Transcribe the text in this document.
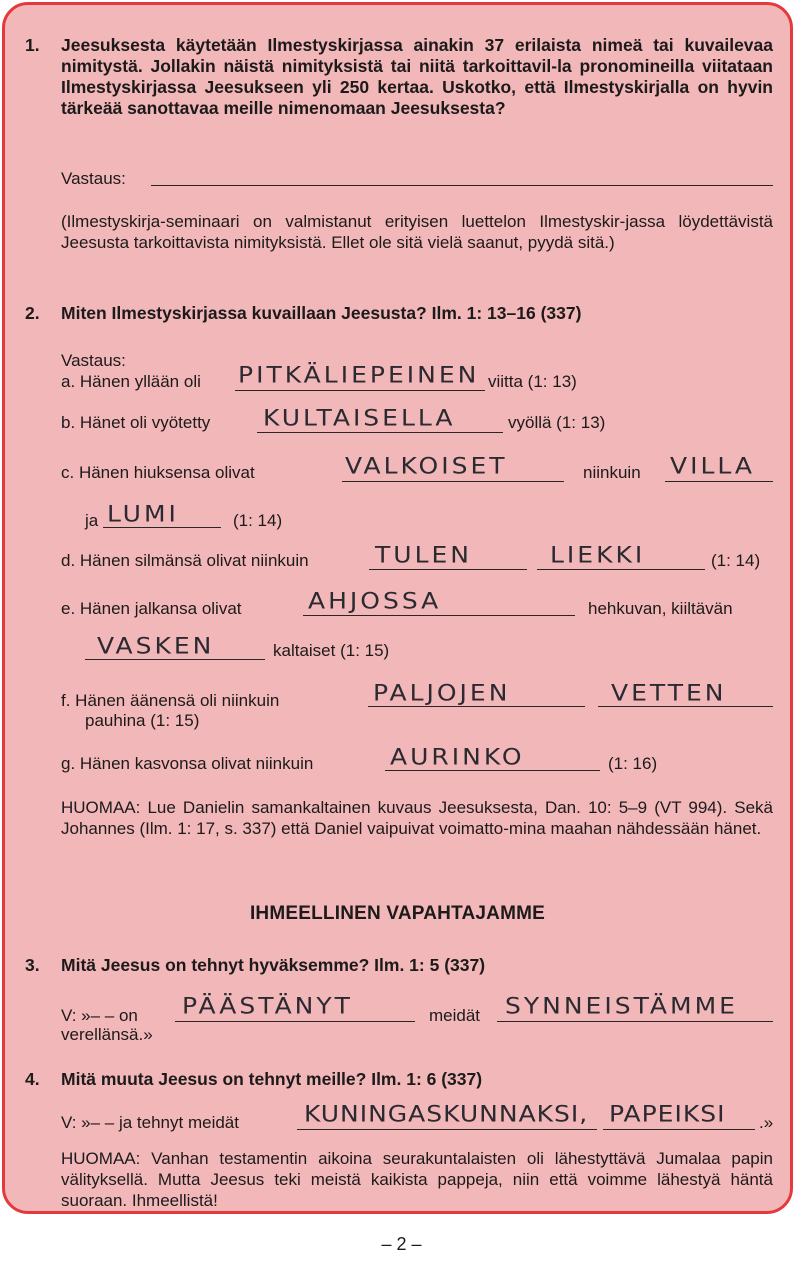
1. Jeesuksesta käytetään Ilmestyskirjassa ainakin 37 erilaista nimeä tai kuvailevaa nimitystä. Jollakin näistä nimityksistä tai niitä tarkoittavil-la pronomineilla viitataan Ilmestyskirjassa Jeesukseen yli 250 kertaa. Uskotko, että Ilmestyskirjalla on hyvin tärkeää sanottavaa meille nimenomaan Jeesuksesta?
Vastaus:
(Ilmestyskirja-seminaari on valmistanut erityisen luettelon Ilmestyskir-jassa löydettävistä Jeesusta tarkoittavista nimityksistä. Ellet ole sitä vielä saanut, pyydä sitä.)
2. Miten Ilmestyskirjassa kuvaillaan Jeesusta? Ilm. 1: 13–16 (337)
Vastaus:
a. Hänen yllään oli PITKÄLIEPEINEN viitta (1: 13)
b. Hänet oli vyötetty KULTAISELLA	vyöllä (1: 13)
c. Hänen hiuksensa olivat	VALKOISET	niinkuin VILLA
ja LUMI	(1: 14)
d. Hänen silmänsä olivat niinkuin	TULEN	LIEKKI	(1: 14)
e. Hänen jalkansa olivat	AHJOSSA	hehkuvan, kiiltävän
VASKEN	kaltaiset (1: 15)
f. Hänen äänensä oli niinkuin	PALJOJEN	VETTEN
pauhina (1: 15)
g. Hänen kasvonsa olivat niinkuin	AURINKO	(1: 16)
HUOMAA: Lue Danielin samankaltainen kuvaus Jeesuksesta, Dan. 10: 5–9 (VT 994). Sekä Johannes (Ilm. 1: 17, s. 337) että Daniel vaipuivat voimatto-mina maahan nähdessään hänet.
IHMEELLINEN VAPAHTAJAMME
3. Mitä Jeesus on tehnyt hyväksemme? Ilm. 1: 5 (337)
V: »– – on PÄÄSTÄNYT	meidät SYNNEISTÄMME
verellänsä.»
4. Mitä muuta Jeesus on tehnyt meille? Ilm. 1: 6 (337)
V: »– – ja tehnyt meidät	KUNINGASKUNNAKSI, PAPEIKSI .»
HUOMAA: Vanhan testamentin aikoina seurakuntalaisten oli lähestyttävä Jumalaa papin välityksellä. Mutta Jeesus teki meistä kaikista pappeja, niin että voimme lähestyä häntä suoraan. Ihmeellistä!
– 2 –
